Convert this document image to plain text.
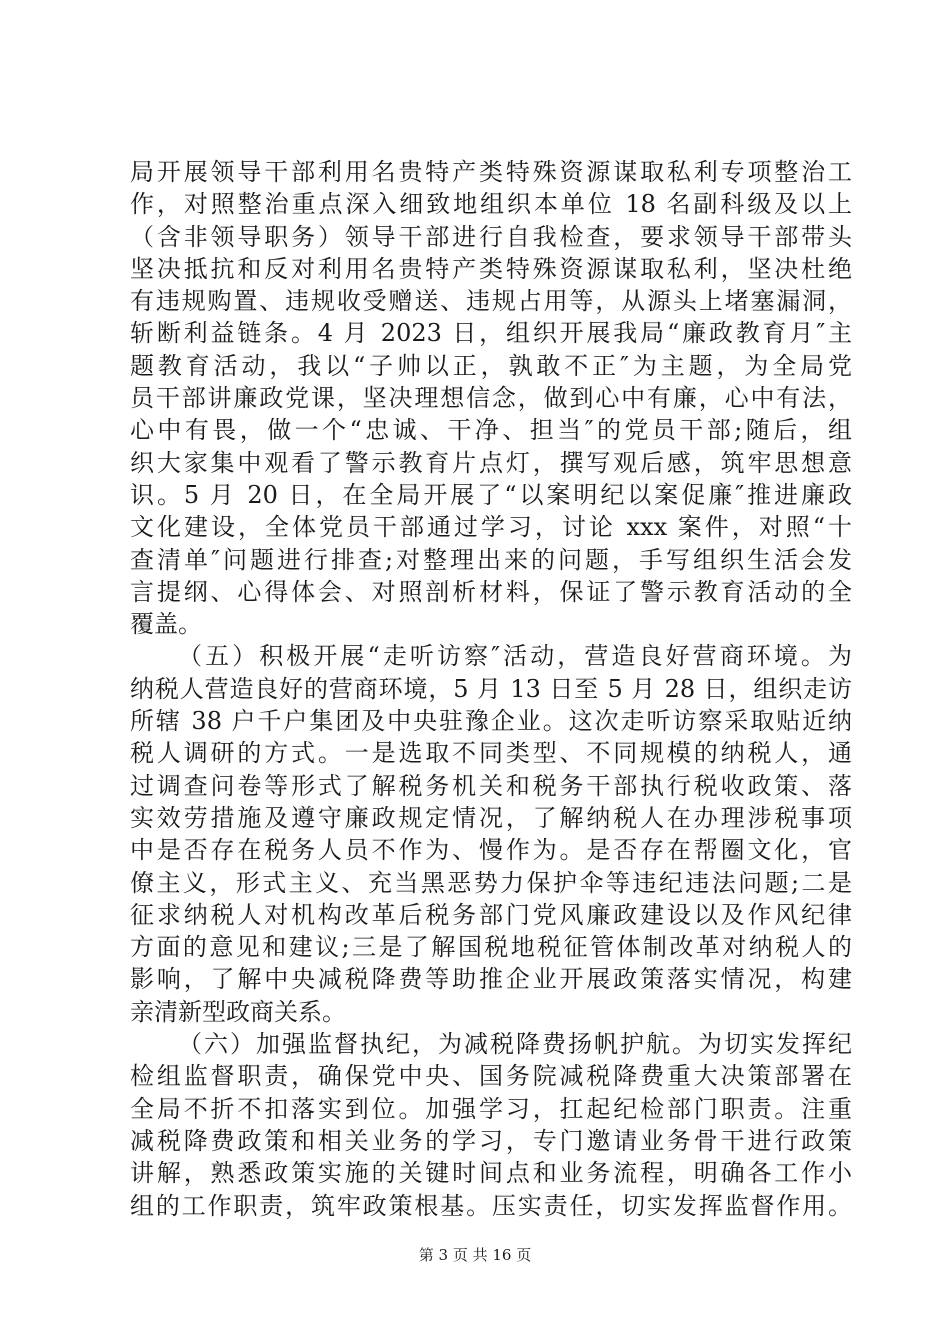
局开展领导干部利用名贵特产类特殊资源谋取私利专项整治工
作，对照整治重点深入细致地组织本单位 18 名副科级及以上
（含非领导职务）领导干部进行自我检查，要求领导干部带头
坚决抵抗和反对利用名贵特产类特殊资源谋取私利，坚决杜绝
有违规购置、违规收受赠送、违规占用等，从源头上堵塞漏洞，
斩断利益链条。4 月 2023 日，组织开展我局“廉政教育月″主
题教育活动，我以“子帅以正，孰敢不正″为主题，为全局党
员干部讲廉政党课，坚决理想信念，做到心中有廉，心中有法，
心中有畏，做一个“忠诚、干净、担当″的党员干部;随后，组
织大家集中观看了警示教育片点灯，撰写观后感，筑牢思想意
识。5 月 20 日，在全局开展了“以案明纪以案促廉″推进廉政
文化建设，全体党员干部通过学习，讨论 xxx 案件，对照“十
查清单″问题进行排查;对整理出来的问题，手写组织生活会发
言提纲、心得体会、对照剖析材料，保证了警示教育活动的全
覆盖。
（五）积极开展“走听访察″活动，营造良好营商环境。为
纳税人营造良好的营商环境，5 月 13 日至 5 月 28 日，组织走访
所辖 38 户千户集团及中央驻豫企业。这次走听访察采取贴近纳
税人调研的方式。一是选取不同类型、不同规模的纳税人，通
过调查问卷等形式了解税务机关和税务干部执行税收政策、落
实效劳措施及遵守廉政规定情况，了解纳税人在办理涉税事项
中是否存在税务人员不作为、慢作为。是否存在帮圈文化，官
僚主义，形式主义、充当黑恶势力保护伞等违纪违法问题;二是
征求纳税人对机构改革后税务部门党风廉政建设以及作风纪律
方面的意见和建议;三是了解国税地税征管体制改革对纳税人的
影响，了解中央减税降费等助推企业开展政策落实情况，构建
亲清新型政商关系。
（六）加强监督执纪，为减税降费扬帆护航。为切实发挥纪
检组监督职责，确保党中央、国务院减税降费重大决策部署在
全局不折不扣落实到位。加强学习，扛起纪检部门职责。注重
减税降费政策和相关业务的学习，专门邀请业务骨干进行政策
讲解，熟悉政策实施的关键时间点和业务流程，明确各工作小
组的工作职责，筑牢政策根基。压实责任，切实发挥监督作用。
第 3 页 共 16 页
